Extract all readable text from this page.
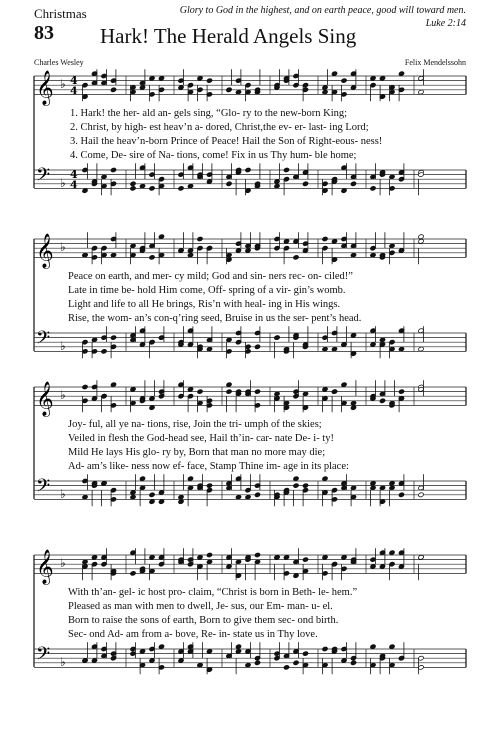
Christmas
83 Hark! The Herald Angels Sing
Glory to God in the highest, and on earth peace, good will toward men.
Luke 2:14
Charles Wesley	Felix Mendelssohn
𝄞 ♭
𝄢 ♭
4
4
4
4
1. Hark! the her- ald an- gels sing, “Glo- ry to the new-born King;
2. Christ, by high- est heav’n a- dored, Christ,the ev- er- last- ing Lord;
3. Hail the heav’n-born Prince of Peace! Hail the Son of Right-eous- ness!
4. Come, De- sire of Na- tions, come! Fix in us Thy hum- ble home;
𝄞 ♭
𝄢 ♭
Peace on earth, and mer- cy mild; God and sin- ners rec- on- ciled!”
Late in time be- hold Him come, Off- spring of a vir- gin’s womb.
Light and life to all He brings, Ris’n with heal- ing in His wings.
Rise, the wom- an’s con-q’ring seed, Bruise in us the ser- pent’s head.
𝄞 ♭
𝄢 ♭
Joy- ful, all ye na- tions, rise, Join the tri- umph of the skies;
Veiled in flesh the God-head see, Hail th’in- car- nate De- i- ty!
Mild He lays His glo- ry by, Born that man no more may die;
Ad- am’s like- ness now ef- face, Stamp Thine im- age in its place:
𝄞 ♭
𝄢 ♭
With th’an- gel- ic host pro- claim, “Christ is born in Beth- le- hem.”
Pleased as man with men to dwell, Je- sus, our Em- man- u- el.
Born to raise the sons of earth, Born to give them sec- ond birth.
Sec- ond Ad- am from a- bove, Re- in- state us in Thy love.
